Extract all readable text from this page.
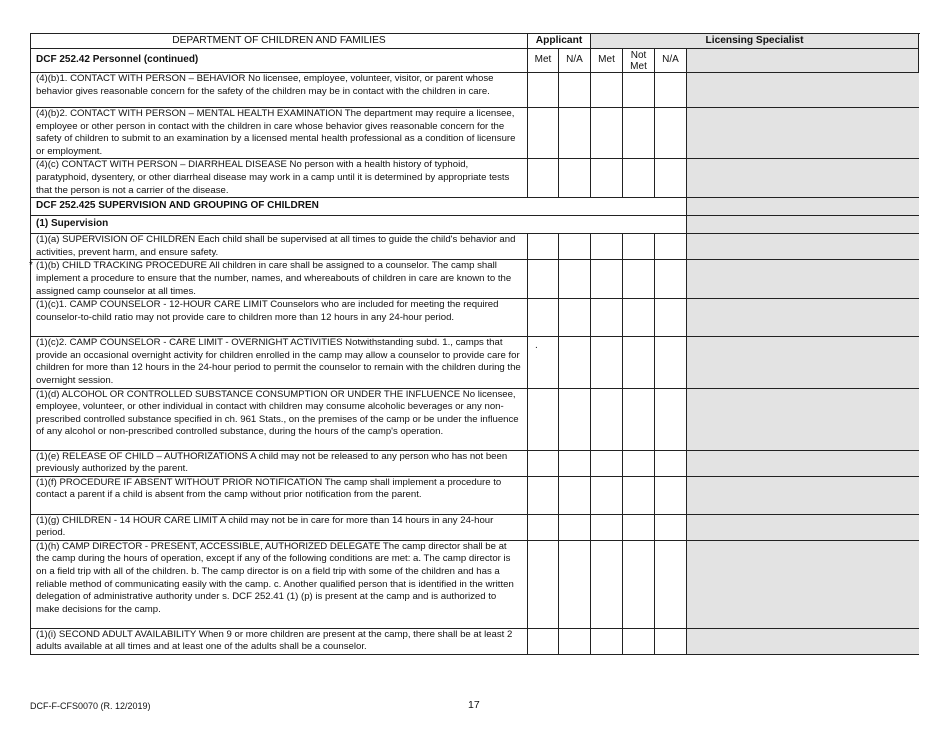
DEPARTMENT OF CHILDREN AND FAMILIES	Applicant		Licensing Specialist			
DCF 252.42 Personnel (continued)	Met	N/A	Met	Not Met	N/A	
(4)(b)1. CONTACT WITH PERSON – BEHAVIOR No licensee, employee, volunteer, visitor, or parent whose behavior gives reasonable concern for the safety of the children may be in contact with the children in care.						
(4)(b)2. CONTACT WITH PERSON – MENTAL HEALTH EXAMINATION The department may require a licensee, employee or other person in contact with the children in care whose behavior gives reasonable concern for the safety of children to submit to an examination by a licensed mental health professional as a condition of licensure or employment.						
(4)(c) CONTACT WITH PERSON – DIARRHEAL DISEASE No person with a health history of typhoid, paratyphoid, dysentery, or other diarrheal disease may work in a camp until it is determined by appropriate tests that the person is not a carrier of the disease.						
DCF 252.425 SUPERVISION AND GROUPING OF CHILDREN						
(1) Supervision						
(1)(a) SUPERVISION OF CHILDREN Each child shall be supervised at all times to guide the child's behavior and activities, prevent harm, and ensure safety.						

* (1)(b) CHILD TRACKING PROCEDURE All children in care shall be assigned to a counselor. The camp shall implement a procedure to ensure that the number, names, and whereabouts of children in care are known to the assigned camp counselor at all times.						
(1)(c)1. CAMP COUNSELOR - 12-HOUR CARE LIMIT Counselors who are included for meeting the required counselor-to-child ratio may not provide care to children more than 12 hours in any 24-hour period.						
(1)(c)2. CAMP COUNSELOR - CARE LIMIT - OVERNIGHT ACTIVITIES Notwithstanding subd. 1., camps that provide an occasional overnight activity for children enrolled in the camp may allow a counselor to provide care for children for more than 12 hours in the 24-hour period to permit the counselor to remain with the children during the overnight session.	.					

(1)(d) ALCOHOL OR CONTROLLED SUBSTANCE CONSUMPTION OR UNDER THE INFLUENCE No licensee, employee, volunteer, or other individual in contact with children may consume alcoholic beverages or any non-prescribed controlled substance specified in ch. 961 Stats., on the premises of the camp or be under the influence of any alcohol or non-prescribed controlled substance, during the hours of the camp's operation.						
(1)(e) RELEASE OF CHILD – AUTHORIZATIONS A child may not be released to any person who has not been previously authorized by the parent.						
(1)(f) PROCEDURE IF ABSENT WITHOUT PRIOR NOTIFICATION The camp shall implement a procedure to contact a parent if a child is absent from the camp without prior notification from the parent.						
(1)(g) CHILDREN - 14 HOUR CARE LIMIT A child may not be in care for more than 14 hours in any 24-hour period.						
(1)(h) CAMP DIRECTOR - PRESENT, ACCESSIBLE, AUTHORIZED DELEGATE The camp director shall be at the camp during the hours of operation, except if any of the following conditions are met: a. The camp director is on a field trip with all of the children. b. The camp director is on a field trip with some of the children and has a reliable method of communicating easily with the camp. c. Another qualified person that is identified in the written delegation of administrative authority under s. DCF 252.41 (1) (p) is present at the camp and is authorized to make decisions for the camp.						
(1)(i) SECOND ADULT AVAILABILITY When 9 or more children are present at the camp, there shall be at least 2 adults available at all times and at least one of the adults shall be a counselor.						
DCF-F-CFS0070 (R. 12/2019)	17
